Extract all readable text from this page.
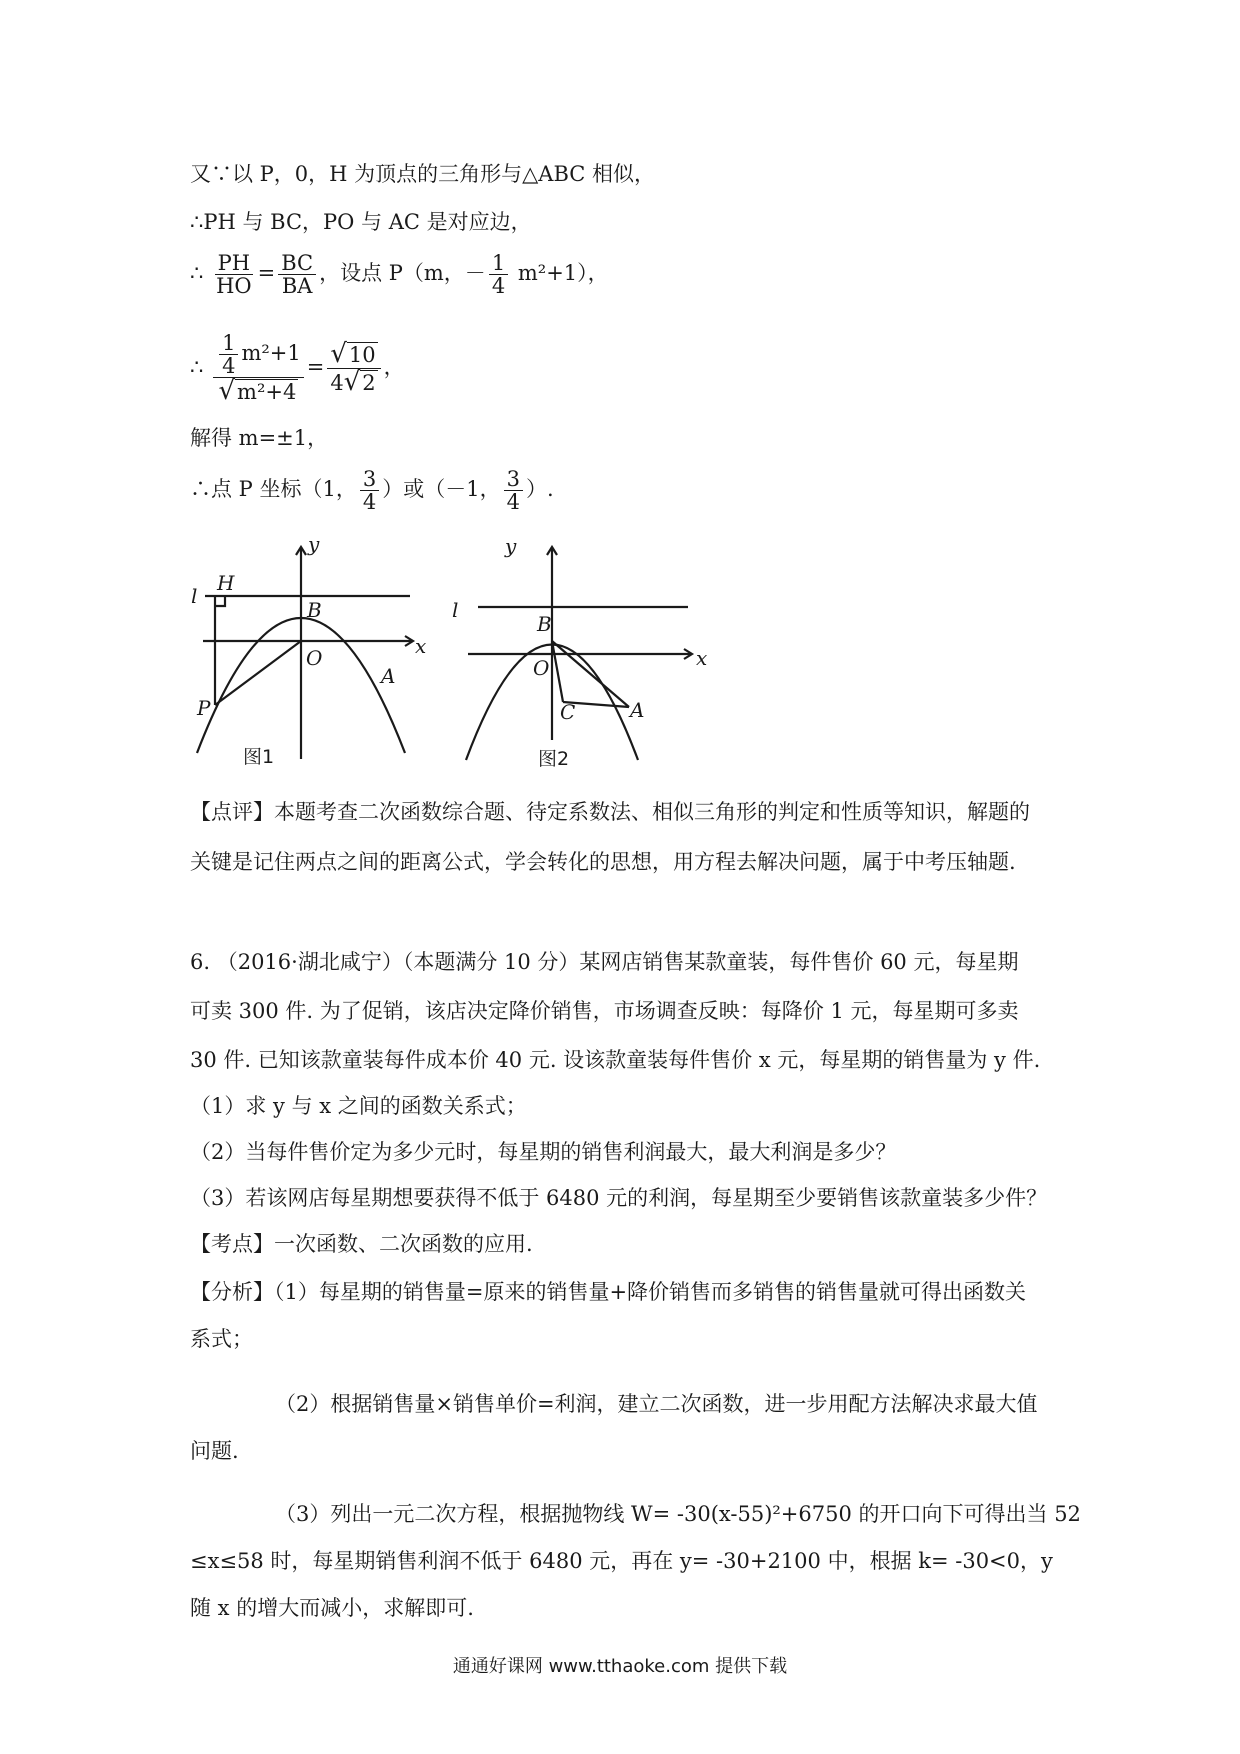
又∵以 P，0，H 为顶点的三角形与△ABC 相似，
∴PH 与 BC，PO 与 AC 是对应边，
∴ $\frac{PH}{HO} = \frac{BC}{BA}$ ，设点 P（m，－ $\frac{1}{4} m^2+1$），
∴ $\frac{\frac{1}{4} m^2+1}{\text{√m²+4}} = \frac{√10}{4√2}$ ，
解得 m=±1，
∴点 P 坐标（1， $\frac{3}{4}$ ）或（－1， $\frac{3}{4}$ ）.
y
x
l
H
B
O
A
P
图1
y
x
l
B
O
C	A
图2
【点评】本题考查二次函数综合题、待定系数法、相似三角形的判定和性质等知识，解题的
关键是记住两点之间的距离公式，学会转化的思想，用方程去解决问题，属于中考压轴题.
6. （2016·湖北咸宁）（本题满分 10 分）某网店销售某款童装，每件售价 60 元，每星期
可卖 300 件. 为了促销，该店决定降价销售，市场调查反映：每降价 1 元，每星期可多卖
30 件. 已知该款童装每件成本价 40 元. 设该款童装每件售价 x 元，每星期的销售量为 y 件.
（1）求 y 与 x 之间的函数关系式；
（2）当每件售价定为多少元时，每星期的销售利润最大，最大利润是多少？
（3）若该网店每星期想要获得不低于 6480 元的利润，每星期至少要销售该款童装多少件？
【考点】一次函数、二次函数的应用.
【分析】（1）每星期的销售量=原来的销售量+降价销售而多销售的销售量就可得出函数关
系式；
（2）根据销售量×销售单价=利润，建立二次函数，进一步用配方法解决求最大值
问题.
（3）列出一元二次方程，根据抛物线 W= -30(x-55)²+6750 的开口向下可得出当 52
≤x≤58 时，每星期销售利润不低于 6480 元，再在 y= -30+2100 中，根据 k= -30<0，y
随 x 的增大而减小，求解即可.
通通好课网 www.tthaoke.com 提供下载
